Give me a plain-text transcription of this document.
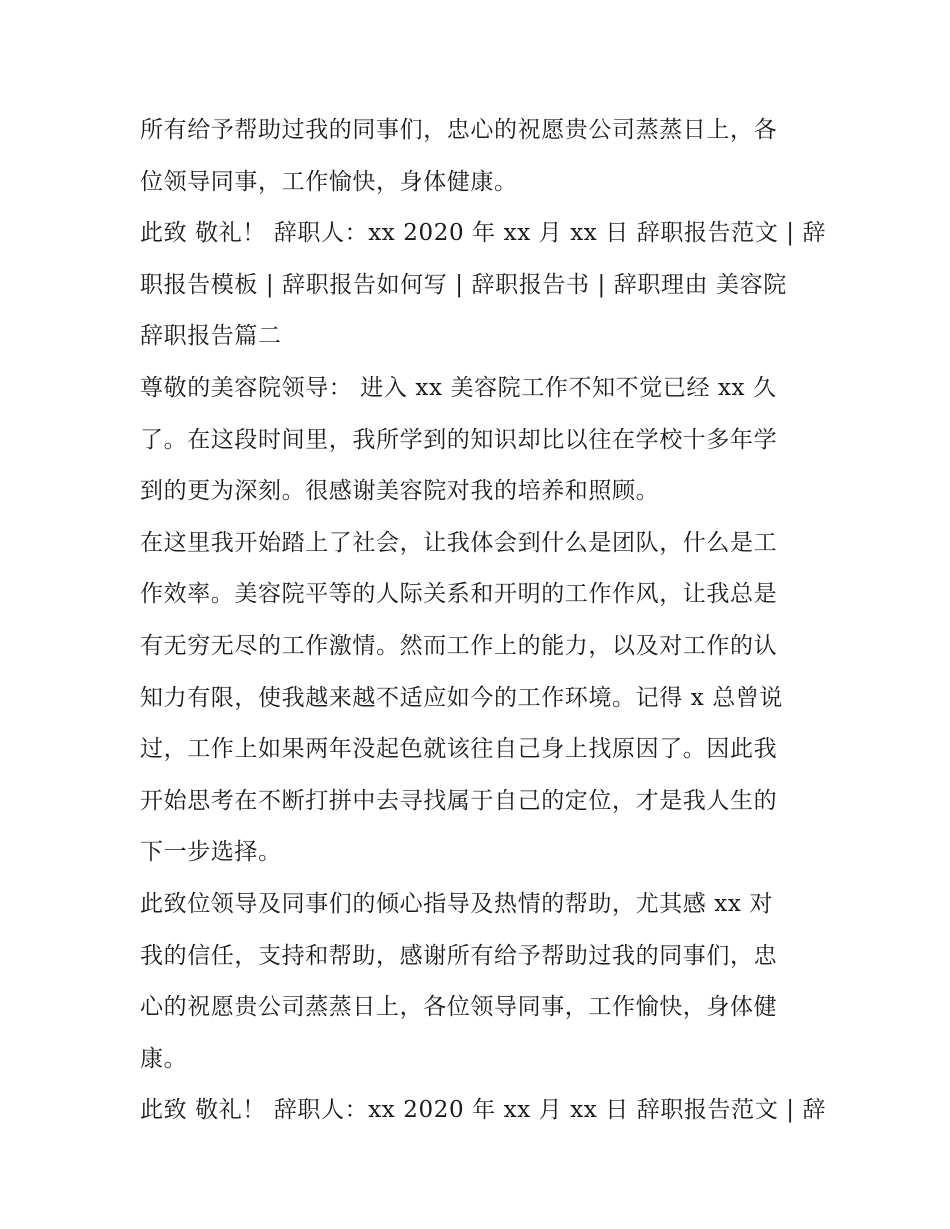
所有给予帮助过我的同事们，忠心的祝愿贵公司蒸蒸日上，各
位领导同事，工作愉快，身体健康。
此致 敬礼！ 辞职人：xx 2020 年 xx 月 xx 日 辞职报告范文 | 辞
职报告模板 | 辞职报告如何写 | 辞职报告书 | 辞职理由 美容院
辞职报告篇二
尊敬的美容院领导： 进入 xx 美容院工作不知不觉已经 xx 久
了。在这段时间里，我所学到的知识却比以往在学校十多年学
到的更为深刻。很感谢美容院对我的培养和照顾。
在这里我开始踏上了社会，让我体会到什么是团队，什么是工
作效率。美容院平等的人际关系和开明的工作作风，让我总是
有无穷无尽的工作激情。然而工作上的能力，以及对工作的认
知力有限，使我越来越不适应如今的工作环境。记得 x 总曾说
过，工作上如果两年没起色就该往自己身上找原因了。因此我
开始思考在不断打拼中去寻找属于自己的定位，才是我人生的
下一步选择。
此致位领导及同事们的倾心指导及热情的帮助，尤其感 xx 对
我的信任，支持和帮助，感谢所有给予帮助过我的同事们，忠
心的祝愿贵公司蒸蒸日上，各位领导同事，工作愉快，身体健
康。
此致 敬礼！ 辞职人：xx 2020 年 xx 月 xx 日 辞职报告范文 | 辞
